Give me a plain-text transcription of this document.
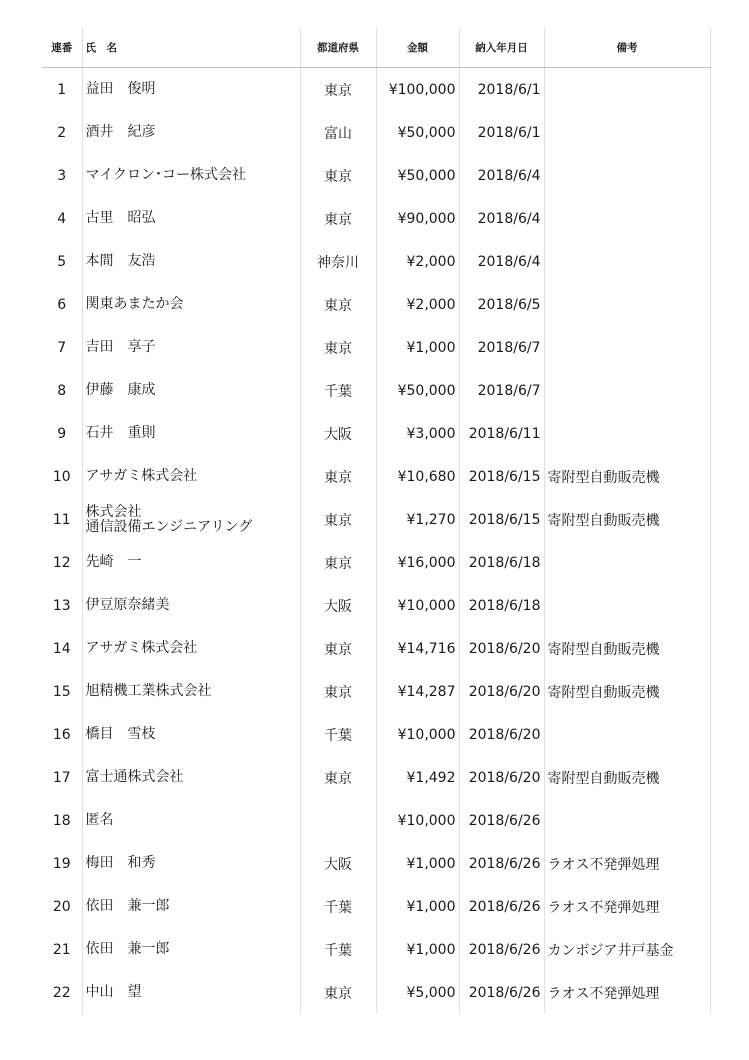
連番	氏　名	都道府県	金額	納入年月日	備考
1	益田　俊明	東京	¥100,000	2018/6/1	
2	酒井　紀彦	富山	¥50,000	2018/6/1	
3	マイクロン･コー株式会社	東京	¥50,000	2018/6/4	
4	古里　昭弘	東京	¥90,000	2018/6/4	
5	本間　友浩	神奈川	¥2,000	2018/6/4	
6	関東あまたか会	東京	¥2,000	2018/6/5	
7	吉田　享子	東京	¥1,000	2018/6/7	
8	伊藤　康成	千葉	¥50,000	2018/6/7	
9	石井　重則	大阪	¥3,000	2018/6/11	
10	アサガミ株式会社	東京	¥10,680	2018/6/15	寄附型自動販売機
11	株式会社
通信設備エンジニアリング	東京	¥1,270	2018/6/15	寄附型自動販売機
12	先崎　一	東京	¥16,000	2018/6/18	
13	伊豆原奈緒美	大阪	¥10,000	2018/6/18	
14	アサガミ株式会社	東京	¥14,716	2018/6/20	寄附型自動販売機
15	旭精機工業株式会社	東京	¥14,287	2018/6/20	寄附型自動販売機
16	橋目　雪枝	千葉	¥10,000	2018/6/20	
17	富士通株式会社	東京	¥1,492	2018/6/20	寄附型自動販売機
18	匿名		¥10,000	2018/6/26	
19	梅田　和秀	大阪	¥1,000	2018/6/26	ラオス不発弾処理
20	依田　兼一郎	千葉	¥1,000	2018/6/26	ラオス不発弾処理
21	依田　兼一郎	千葉	¥1,000	2018/6/26	カンボジア井戸基金
22	中山　望	東京	¥5,000	2018/6/26	ラオス不発弾処理
